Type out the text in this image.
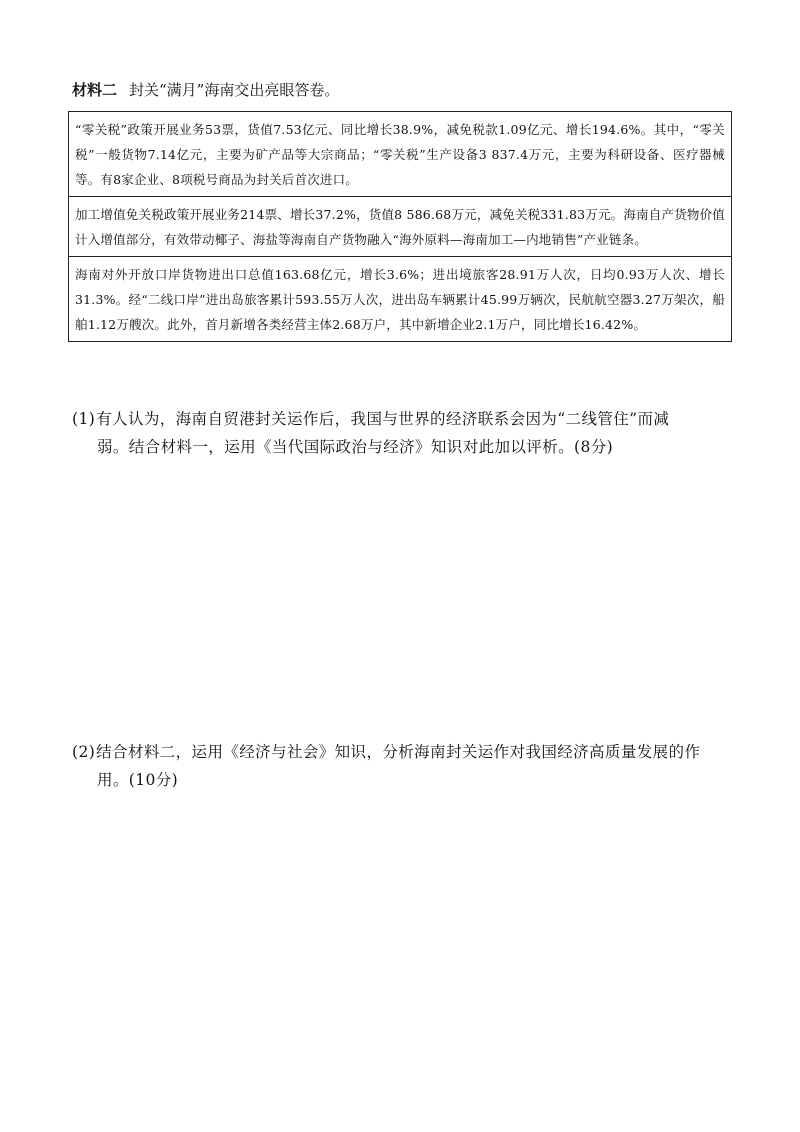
材料二 封关“满月”海南交出亮眼答卷。
“零关税”政策开展业务53票，货值7.53亿元、同比增长38.9%，减免税款1.09亿元、增长194.6%。其中，“零关税”一般货物7.14亿元，主要为矿产品等大宗商品；“零关税”生产设备3 837.4万元，主要为科研设备、医疗器械等。有8家企业、8项税号商品为封关后首次进口。
加工增值免关税政策开展业务214票、增长37.2%，货值8 586.68万元，减免关税331.83万元。海南自产货物价值计入增值部分，有效带动椰子、海盐等海南自产货物融入“海外原料—海南加工—内地销售”产业链条。
海南对外开放口岸货物进出口总值163.68亿元，增长3.6%；进出境旅客28.91万人次，日均0.93万人次、增长31.3%。经“二线口岸”进出岛旅客累计593.55万人次，进出岛车辆累计45.99万辆次，民航航空器3.27万架次，船舶1.12万艘次。此外，首月新增各类经营主体2.68万户，其中新增企业2.1万户，同比增长16.42%。
(1)有人认为，海南自贸港封关运作后，我国与世界的经济联系会因为“二线管住”而减
弱。结合材料一，运用《当代国际政治与经济》知识对此加以评析。(8分)
(2)结合材料二，运用《经济与社会》知识，分析海南封关运作对我国经济高质量发展的作
用。(10分)
